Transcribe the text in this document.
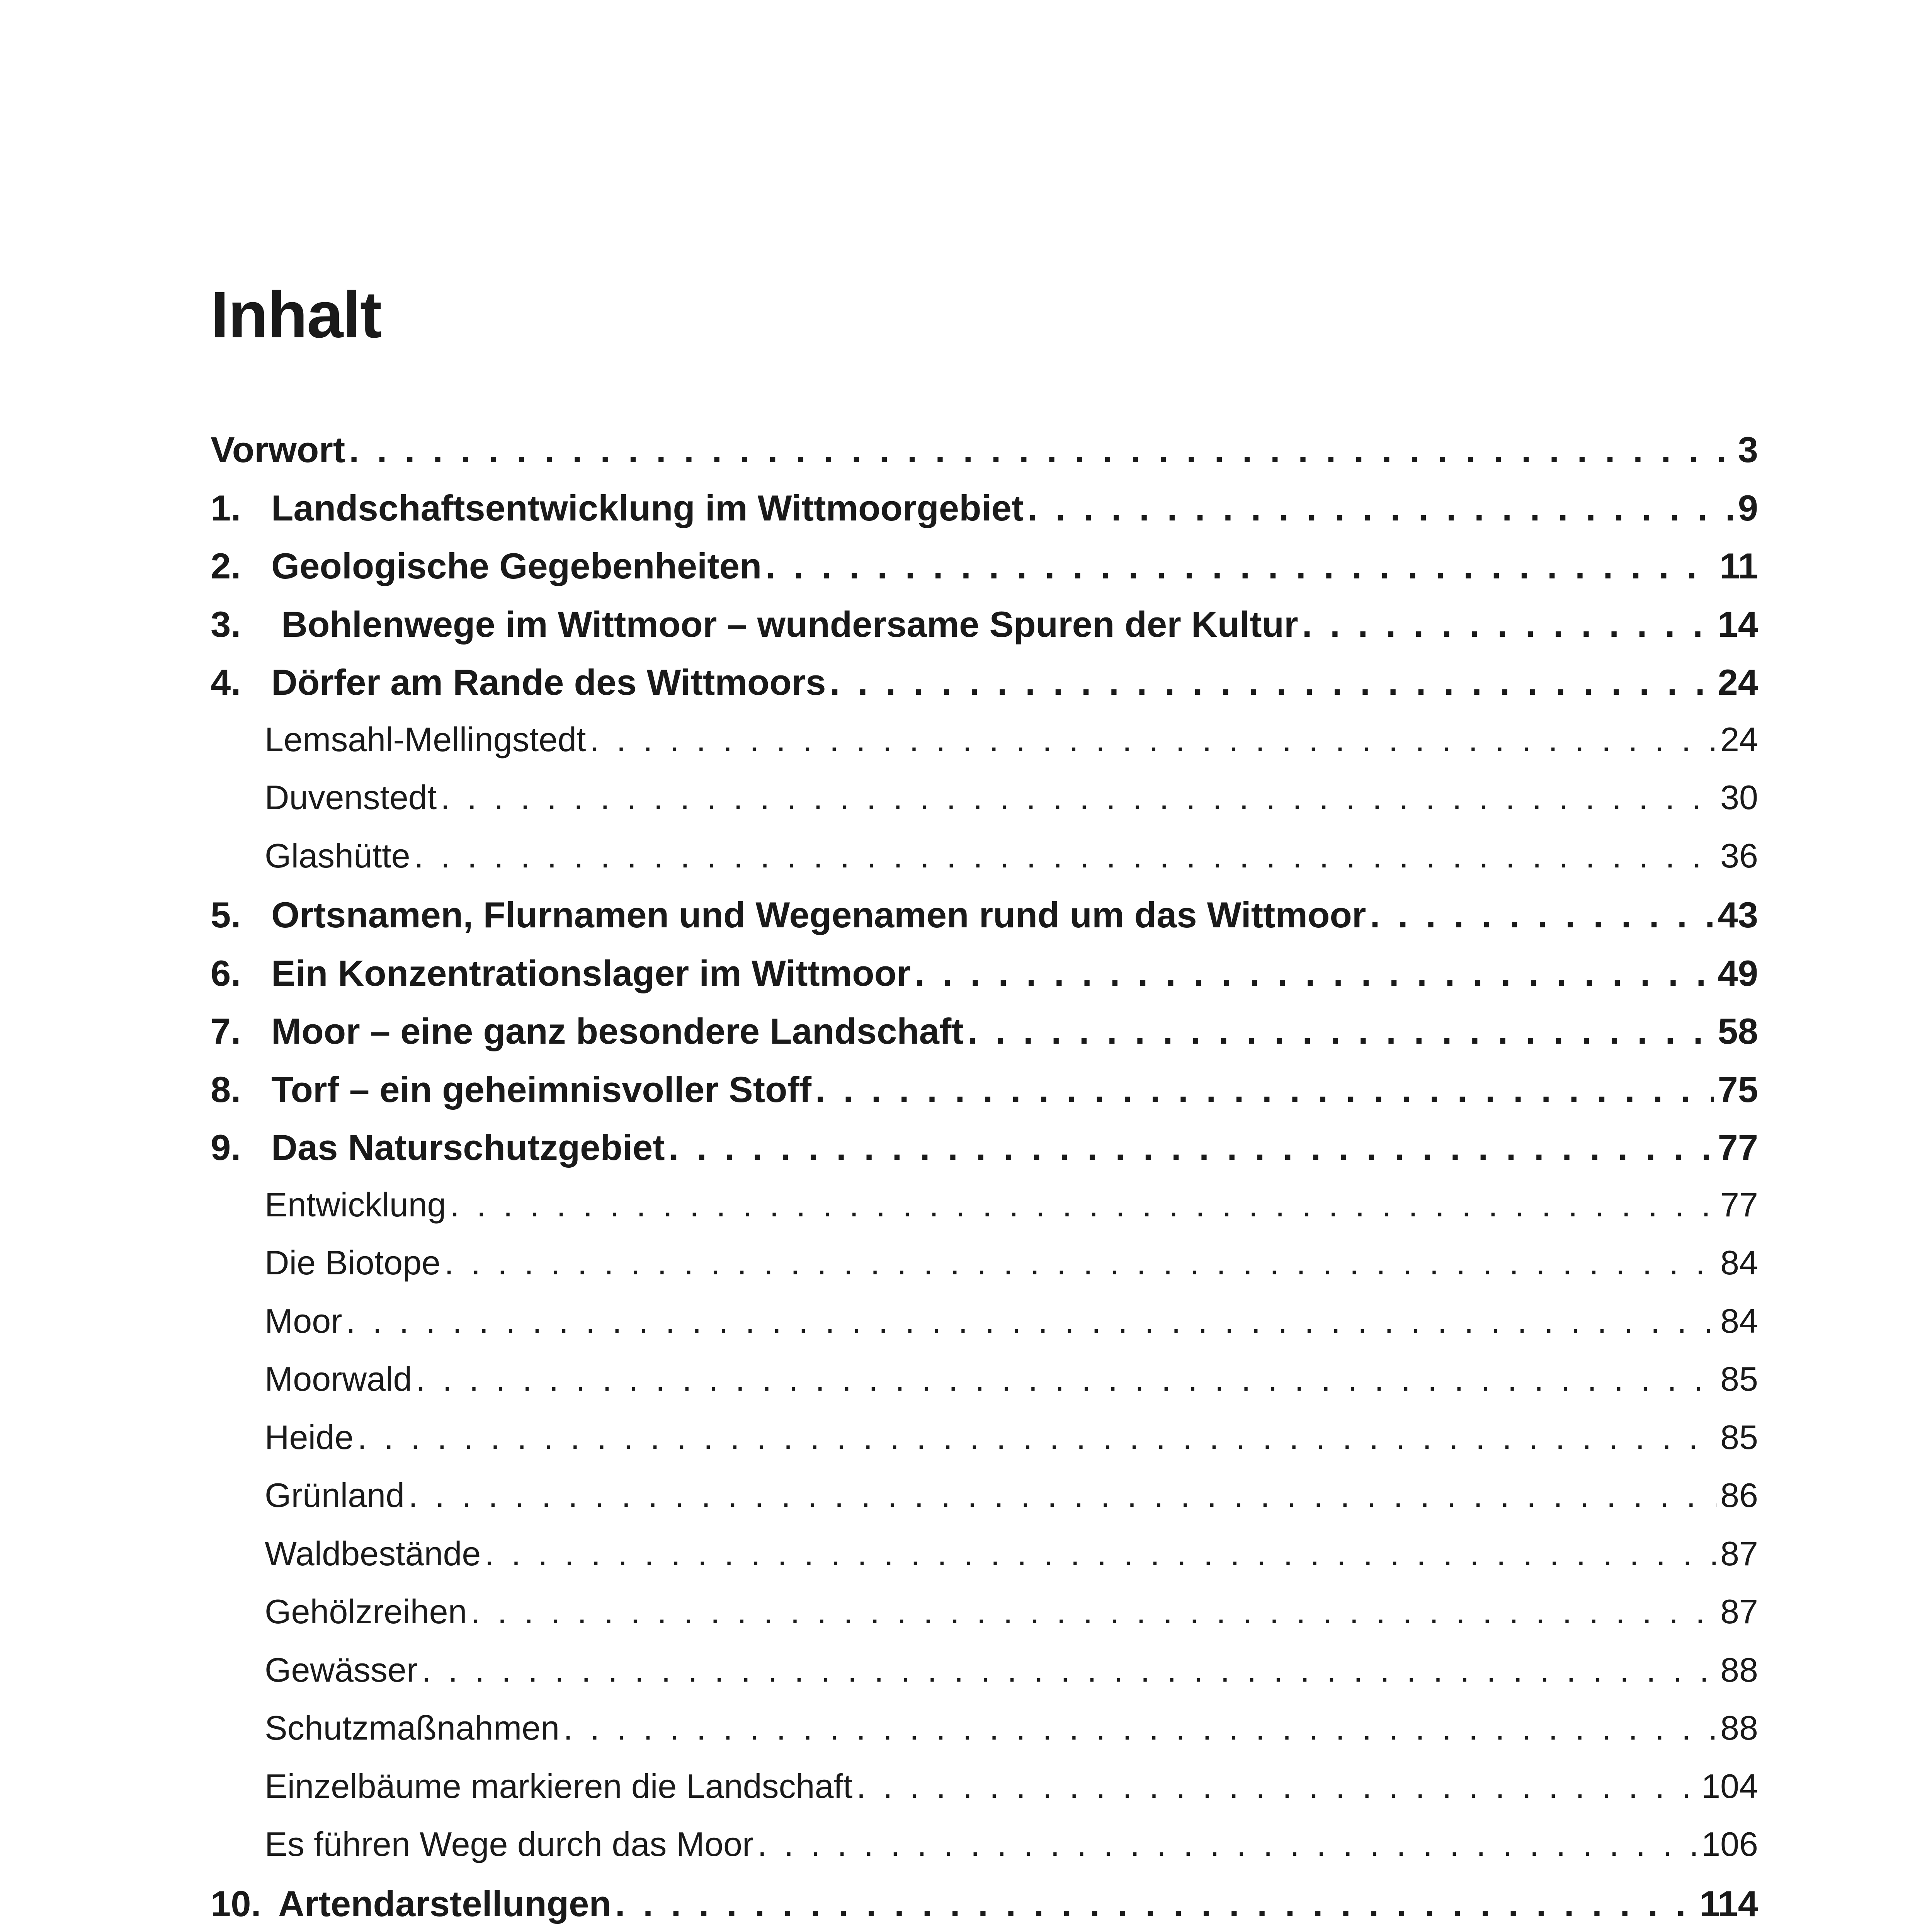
Inhalt
Vorwort . . .	3
1. Landschaftsentwicklung im Wittmoorgebiet . . .	9
2. Geologische Gegebenheiten . . .	11
3. Bohlenwege im Wittmoor – wundersame Spuren der Kultur . . .	14
4. Dörfer am Rande des Wittmoors . . .	24
Lemsahl-Mellingstedt . . .	24
Duvenstedt . . .	30
Glashütte . . .	36
5. Ortsnamen, Flurnamen und Wegenamen rund um das Wittmoor . . .	43
6. Ein Konzentrationslager im Wittmoor . . .	49
7. Moor – eine ganz besondere Landschaft . . .	58
8. Torf – ein geheimnisvoller Stoff . . .	75
9. Das Naturschutzgebiet . . .	77
Entwicklung . . .	77
Die Biotope . . .	84
Moor . . .	84
Moorwald . . .	85
Heide . . .	85
Grünland . . .	86
Waldbestände . . .	87
Gehölzreihen . . .	87
Gewässer . . .	88
Schutzmaßnahmen . . .	88
Einzelbäume markieren die Landschaft . . .	104
Es führen Wege durch das Moor . . .	106
10. Artendarstellungen . . .	114
